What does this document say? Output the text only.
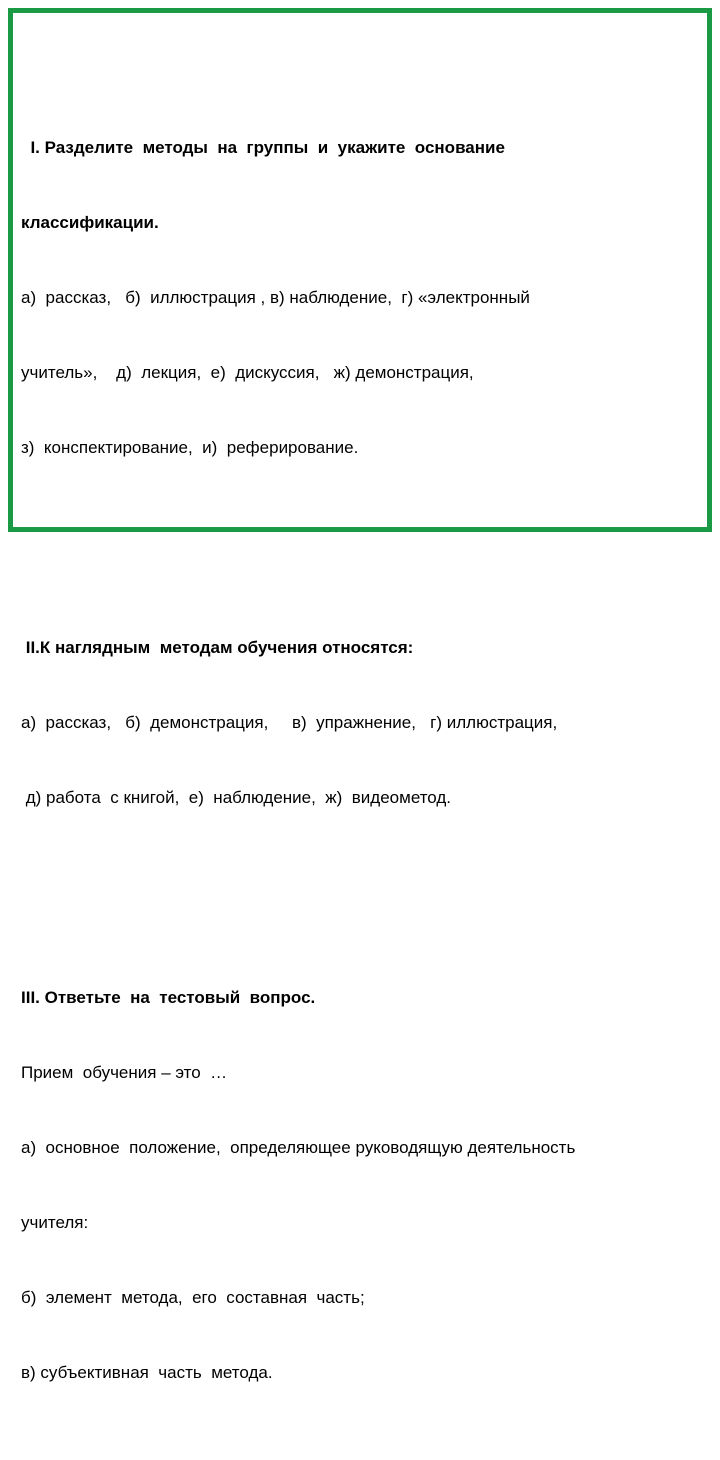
I. Разделите  методы  на  группы  и  укажите  основание

классификации.

а)  рассказ,   б)  иллюстрация , в) наблюдение,  г) «электронный

учитель»,    д)  лекция,  е)  дискуссия,   ж) демонстрация,

з)  конспектирование,  и)  реферирование.

II.К наглядным  методам обучения относятся:

а)  рассказ,   б)  демонстрация,     в)  упражнение,   г) иллюстрация,

д) работа  с книгой,  е)  наблюдение,  ж)  видеометод.

III. Ответьте  на  тестовый  вопрос.

Прием  обучения – это  …

а)  основное  положение,  определяющее руководящую деятельность

учителя:

б)  элемент  метода,  его  составная  часть;

в) субъективная  часть  метода.
